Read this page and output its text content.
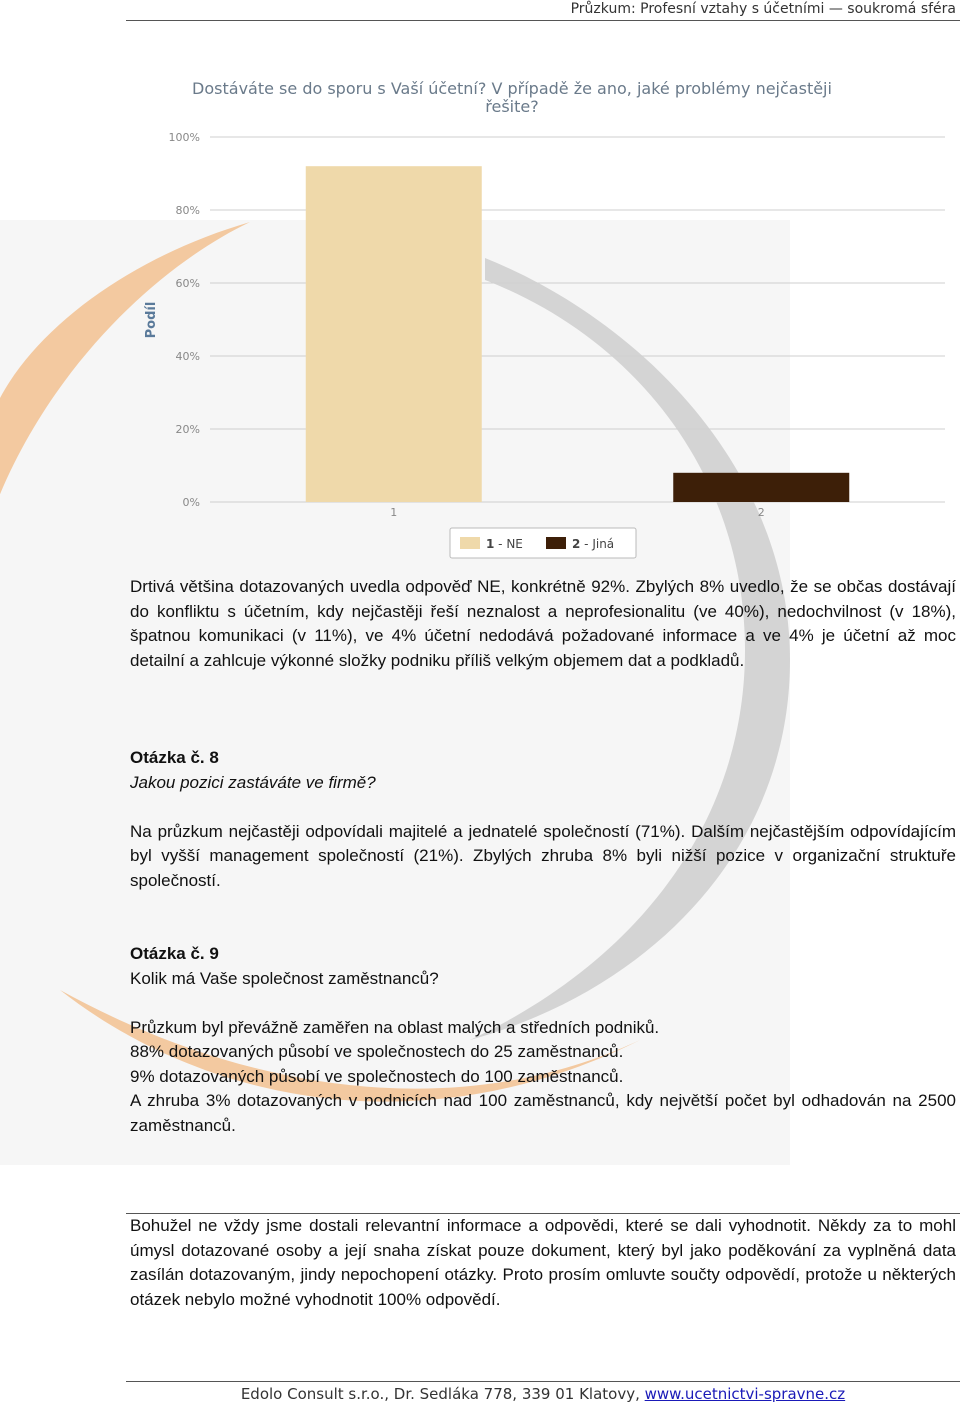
Průzkum: Profesní vztahy s účetními — soukromá sféra
Dostáváte se do sporu s Vaší účetní? V případě že ano, jaké problémy nejčastěji
řešite?
Podíl
0%
20%
40%
60%
80%
100%
1	2
1 - NE	2 - Jiná

Drtivá většina dotazovaných uvedla odpověď NE, konkrétně 92%. Zbylých 8% uvedlo, že se občas dostávají do konfliktu s účetním, kdy nejčastěji řeší neznalost a neprofesionalitu (ve 40%), nedochvilnost (v 18%), špatnou komunikaci (v 11%), ve 4% účetní nedodává požadované informace a ve 4% je účetní až moc detailní a zahlcuje výkonné složky podniku příliš velkým objemem dat a podkladů.

Otázka č. 8

Jakou pozici zastáváte ve firmě?

Na průzkum nejčastěji odpovídali majitelé a jednatelé společností (71%). Dalším nejčastějším odpovídajícím byl vyšší management společností (21%). Zbylých zhruba 8% byli nižší pozice v organizační struktuře společností.

Otázka č. 9

Kolik má Vaše společnost zaměstnanců?

Průzkum byl převážně zaměřen na oblast malých a středních podniků.

88% dotazovaných působí ve společnostech do 25 zaměstnanců.

9% dotazovaných působí ve společnostech do 100 zaměstnanců.

A zhruba 3% dotazovaných v podnicích nad 100 zaměstnanců, kdy největší počet byl odhadován na 2500 zaměstnanců.

Bohužel ne vždy jsme dostali relevantní informace a odpovědi, které se dali vyhodnotit. Někdy za to mohl úmysl dotazované osoby a její snaha získat pouze dokument, který byl jako poděkování za vyplněná data zasílán dotazovaným, jindy nepochopení otázky. Proto prosím omluvte součty odpovědí, protože u některých otázek nebylo možné vyhodnotit 100% odpovědí.

Edolo Consult s.r.o., Dr. Sedláka 778, 339 01 Klatovy, www.ucetnictvi-spravne.cz
